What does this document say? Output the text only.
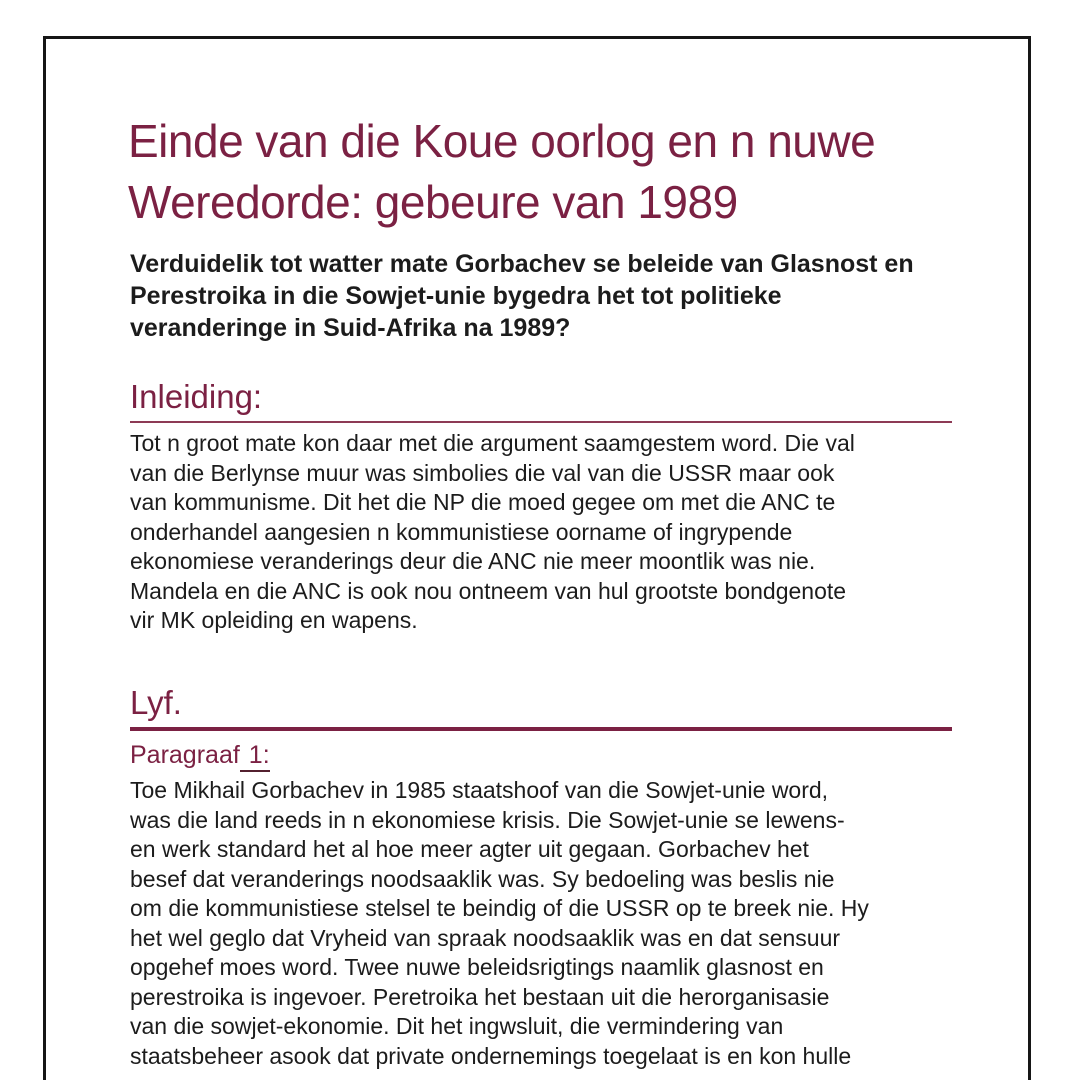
Einde van die Koue oorlog en n nuwe
Weredorde: gebeure van 1989
Verduidelik tot watter mate Gorbachev se beleide van Glasnost en
Perestroika in die Sowjet-unie bygedra het tot politieke
veranderinge in Suid-Afrika na 1989?
Inleiding:
Tot n groot mate kon daar met die argument saamgestem word. Die val
van die Berlynse muur was simbolies die val van die USSR maar ook
van kommunisme. Dit het die NP die moed gegee om met die ANC te
onderhandel aangesien n kommunistiese oorname of ingrypende
ekonomiese veranderings deur die ANC nie meer moontlik was nie.
Mandela en die ANC is ook nou ontneem van hul grootste bondgenote
vir MK opleiding en wapens.
Lyf.
Paragraaf 1:
Toe Mikhail Gorbachev in 1985 staatshoof van die Sowjet-unie word,
was die land reeds in n ekonomiese krisis. Die Sowjet-unie se lewens-
en werk standard het al hoe meer agter uit gegaan. Gorbachev het
besef dat veranderings noodsaaklik was. Sy bedoeling was beslis nie
om die kommunistiese stelsel te beindig of die USSR op te breek nie. Hy
het wel geglo dat Vryheid van spraak noodsaaklik was en dat sensuur
opgehef moes word. Twee nuwe beleidsrigtings naamlik glasnost en
perestroika is ingevoer. Peretroika het bestaan uit die herorganisasie
van die sowjet-ekonomie. Dit het ingwsluit, die vermindering van
staatsbeheer asook dat private ondernemings toegelaat is en kon hulle
